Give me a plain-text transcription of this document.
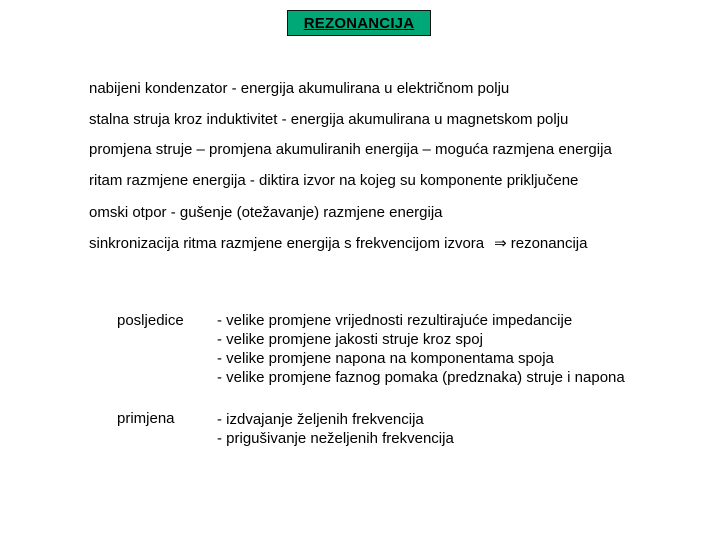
REZONANCIJA
nabijeni kondenzator - energija akumulirana u električnom polju
stalna struja kroz induktivitet - energija akumulirana u magnetskom polju
promjena struje – promjena akumuliranih energija – moguća razmjena energija
ritam razmjene energija - diktira izvor na kojeg su komponente priključene
omski otpor - gušenje (otežavanje) razmjene energija
sinkronizacija ritma razmjene energija s frekvencijom izvora ⇒ rezonancija
posljedice - velike promjene vrijednosti rezultirajuće impedancije
- velike promjene jakosti struje kroz spoj
- velike promjene napona na komponentama spoja
- velike promjene faznog pomaka (predznaka) struje i napona
primjena	- izdvajanje željenih frekvencija
- prigušivanje neželjenih frekvencija
